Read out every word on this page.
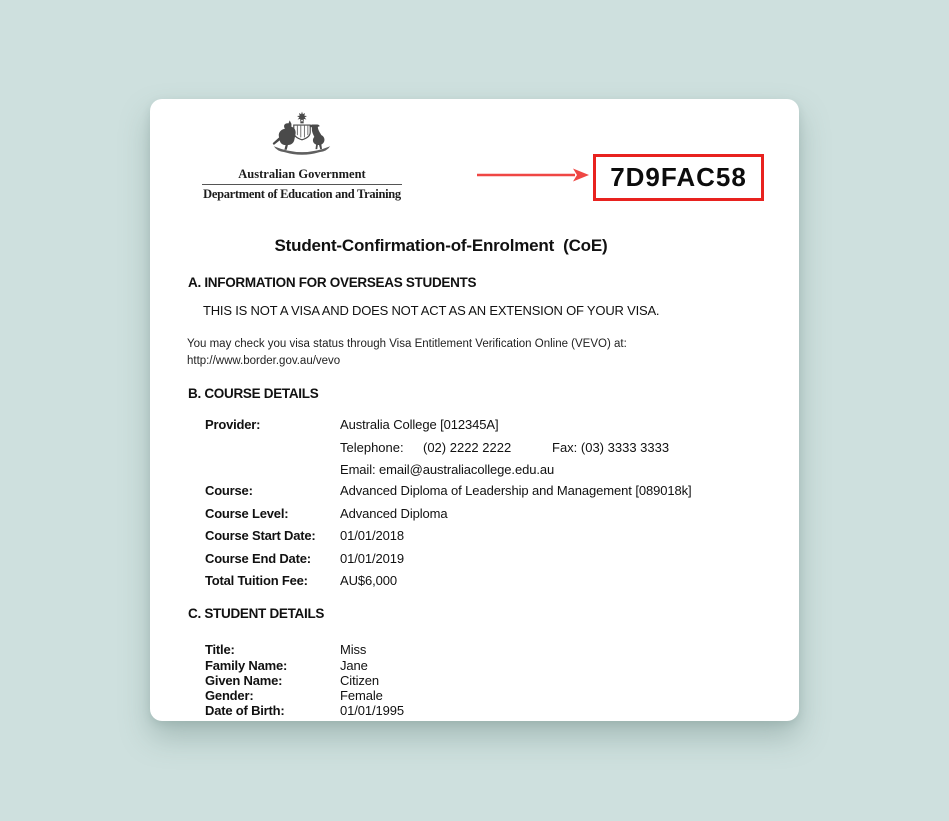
Australian Government
Department of Education and Training
7D9FAC58
Student-Confirmation-of-Enrolment  (CoE)
A. INFORMATION FOR OVERSEAS STUDENTS
THIS IS NOT A VISA AND DOES NOT ACT AS AN EXTENSION OF YOUR VISA.
You may check you visa status through Visa Entitlement Verification Online (VEVO) at:
http://www.border.gov.au/vevo
B. COURSE DETAILS
Provider:	Australia College [012345A]
Telephone: (02) 2222 2222	Fax: (03) 3333 3333
Email: email@australiacollege.edu.au
Course:	Advanced Diploma of Leadership and Management [089018k]
Course Level:	Advanced Diploma
Course Start Date: 01/01/2018
Course End Date: 01/01/2019
Total Tuition Fee: AU$6,000
C. STUDENT DETAILS
Title:	Miss
Family Name:	Jane
Given Name:	Citizen
Gender:	Female
Date of Birth:	01/01/1995
